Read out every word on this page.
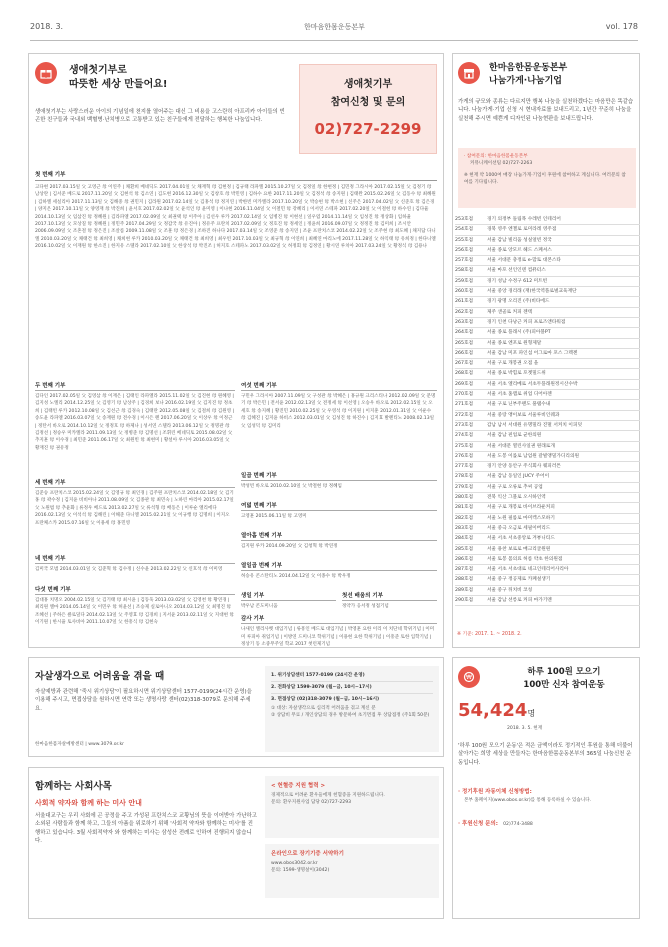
2018. 3.	한마음한몸운동본부	vol. 178
생애첫기부로
따뜻한 세상 만들어요!
생애첫기부는 사랑스러운 아이의 기념일에 천지를 열어주는 대신 그 비용을 고스란히 아프리카 아이들의 빈곤한 친구들과 국내외 백혈병·난치병으로 고통받고 있는 친구들에게 전달하는 행복한 나눔입니다.
생애첫기부
참여신청 및 문의
02)727-2299
첫 번째 기부
고다현 2017.03.15일 父 고영근 母 이연주 | 채환희 베네딕도 2017.04.01일 父 채재혁 母 김현정 | 김규태 라파엘 2015.10.27일 父 김정일 母 한현정 | 김민정 그라시아 2017.02.15일 父 김정기 母 남상란 | 김서준 베드로 2017.11.20일 父 김현석 母 김소연 | 김도현 2016.12.30일 父 김창호 母 박민영 | 김하수 요한 2017.11.20일 父 김정석 母 송지원 | 김태완 2015.02.26일 父 김동수 母 최혜원 | 김하엘 세실리아 2017.11.13일 父 김해중 母 권민지 | 김라원 2017.02.14일 父 김홍석 母 정지연 | 박한빈 미카엘라 2017.10.20일 父 박승현 母 박소현 | 신주은 2017.04.02일 父 신준호 母 김은경 | 양지온 2017.10.11일 父 양영재 母 박진희 | 윤서호 2017.02.02일 父 윤석인 母 윤미영 | 이나현 2016.11.04일 父 이철민 母 강혜리 | 이서연 스테파 2017.02.20일 父 이철헌 母 하수연 | 김다율 2014.10.13일 父 임삼진 母 정혜원 | 김라파엘 2017.02.09일 父 최권택 母 이주아 | 김선우 루카 2017.02.14일 父 임병진 母 이현선 | 일우엽 2014.11.14일 父 임성진 母 정상화 | 임하율 2017.10.13일 父 모상칠 母 정혜원 | 정민주 2017.04.29일 父 정갑국 母 유진아 | 정유주 프란치 2017.02.09일 父 정호진 母 정세인 | 정윤희 2016.09.07일 父 정정진 母 김미희 | 조시안 2006.09.09일 父 조혼철 母 정은진 | 조살롬 2009.11.08일 父 조훈 母 정은경 | 조하진 하나다 2017.03.14일 父 조영준 母 송지연 | 조윤 프란치스코 2014.02.22일 父 조주현 母 최도혜 | 채지담 다니엘 2010.03.20일 父 채태건 母 최희영 | 채희현 루카 2010.03.20일 父 채태건 母 최희영 | 최우빈 2017.10.03일 父 최규혁 母 이연희 | 최혜연 마리노에 2017.11.28일 父 하익태 母 유희정 | 한다니엘 2016.10.02일 父 이재원 母 한소진 | 한지유 스텔라 2017.02.10일 父 한상석 母 박진조 | 허지호 스테파노 2017.03.02일 父 허정회 母 김정연 | 황시연 루치아 2017.03.24일 父 황정식 母 김용나
두 번째 기부
김다인 2017.02.05일 父 김영삼 母 이재은 | 김태인 라파엘라 2015.11.02일 父 김진현 母 원혜영 | 김지성 노엘리 2014.12.25일 父 김영기 母 남상주 | 김경희 보나 2016.02.19일 父 김지진 母 정초희 | 김태빈 루카 2012.10.08일 父 김선근 母 김경숙 | 김태란 2012.05.08일 父 김철희 母 김원영 | 송도윤 라파엘 2016.03.07일 父 송재원 母 전수경 | 이시은 렌 2017.06.20일 父 이상우 母 이정근 | 정탄서 바오로 2014.10.12일 父 정정호 母 하제나 | 성서연 스텔라 2013.06.12일 父 정명관 母 김정선 | 정승우 미카엘라 2011.09.13일 父 정병준 母 김명선 | 조휘린 베네딕토 2015.08.02일 父 추지훈 母 이수경 | 최민준 2011.06.17일 父 최원빈 母 최현미 | 황설아 루시아 2016.03.05일 父 황재진 母 권유정
세 번째 기부
김준승 프란치스코 2015.02.24일 父 김영규 母 최인경 | 김주원 프란치스코 2014.02.18일 父 김기홍 母 곽수정 | 김지윤 비비아나 2011.08.09일 父 김종관 母 최민숙 | 노하린 마리아 2015.02.17일 父 노원범 母 추윤화 | 류정우 베드로 2013.02.27일 父 류석형 母 배동은 | 이루순 엘리에다 2016.02.13일 父 이석석 母 김해린 | 이해준 다니엘 2015.02.21일 父 이규행 母 김명희 | 이지오 프란체스카 2015.07.16일 父 이용세 母 홍민영
네 번째 기부
김미국 모범 2014.03.01일 父 김준혁 母 김수정 | 신수윤 2013.02.22일 父 신호석 母 이미영
다섯 번째 기부
김대홍 치명오 2004.02.15일 父 김기태 母 최시윤 | 김동욱 2013.03.02일 父 김영천 母 황연경 | 최리원 엘마 2014.05.14일 父 이민우 母 허윤선 | 조승제 실로아니오 2014.03.12일 父 최명진 母 조혜선 | 주하은 클로딜다 2014.02.13일 父 주영효 母 김경희 | 지서윤 2013.02.11일 父 지대현 母 이기원 | 한시율 토사비아 2011.10.07일 父 한흥식 母 김현숙
여섯 번째 기부
구민우 그라시아 2007.11.09일 父 구성관 母 박혜은 | 홍규원 크리스티나 2012.02.09일 父 문명기 母 박은민 | 전서윤 2012.02.13일 父 전정세 母 이선영 | 오승우 바오로 2012.02.15일 父 오세호 母 송지혜 | 황진민 2010.02.25일 父 우영석 母 이지원 | 이지훈 2012.01.31일 父 이운수 母 김혜진 | 김지윤 하비스 2012.03.01일 父 김성진 母 하진수 | 김지효 발렌티노 2008.02.13일 父 임성덕 母 김미리
일곱 번째 기부
박성빈 바오로 2010.02.10일 父 박철현 母 정혜임
여덟 번째 기부
고영훈 2015.06.11일 母 고영미
열아홉 번째 기부
김지원 루카 2014.09.20일 父 김청혁 母 박연정
열일곱 번째 기부
허승유 콘스탄티노 2014.04.12일 父 이종수 母 박우정
생일 기부
박우남 콘도미니움
첫선 배움의 기부
정약가 응서정 성접기념
감사 기부
나새인 엘리사벳 대입기념 | 류흥인 베드로 대입기념 | 박영훈 요한 이리 이 치단네 학위기념 | 이미미 루피아 취업기념 | 이방연 드미니코 학위기념 | 이용현 요한 학위기념 | 이흥준 토한 입학기념 | 정상기 동 소중무주일 학교 2017 첫런제기념
한마음한몸운동본부
나눔가게·나눔기업
가게의 규모와 종류는 다르지만 행복 나눔을 실천하겠다는 마음만은 똑같습니다. 나눔가게·기업 신청 시 현내자료를 보내드리고, 1년간 꾸준히 나눔을 실천해 주시면 예쁜게 디자인된 나눔현판을 보내드립니다.
· 참여문의: 한마음한몸운동본부
커뮤니케이션팀 02)727-2263
※ 현재 약 1000여 매장 나눔가게·기업이 후원에 참여하고 계십니다. 여러분의 참여를 기다립니다.
253호점	경기 의정부 돌림목 수레빈 인테리어
254호점	경북 영주 엔젤로 로미라레 영주점
255호점	서울 감남 빌리움 성실얼빈 정국
256호점	서울 종로 앙모르 헤드 스페셔스
257호점	서울 서대문 충정로 e-맘토 대본스타
258호점	서울 마포 선인인덴 컴퓨터스
259호점	경기 성남 수정구 612 미트빈
260호점	서울 중앙 경리래 (재)한국역플로벌교육재단
261호점	경기 광명 오리진 (주)비타에드
262호점	제주 샌골로 커피 젠텍
263호점	경기 인천 다낭근 커피 프로즈앤타워점
264호점	서울 종로 플래시 (주)피아블PT
265호점	서울 종로 엔포로 원형제달
266호점	서울 감남 미포 파인섬 어그로마 포스 그렉젠
267호점	서울 구로 개봉권 오점 을
268호점	서울 종로 박힘로 포젯밀드위
269호점	서울 서초 엘리메로 서초두플래원정시산수박
270호점	서울 서초 홈랩로 위업 디어아젠
271호점	서울 구로 닌부주랜도 풀탬수내
272호점	서울 중랑 앵이보로 서울루비인퀘과
273호점	감남 남서 서대원 유명밀라 진멀 서커치 이피덧
274호점	서울 감남 핀업로 균한의원
275호점	서울 서대문 열린사일권 원래로개
276호점	서울 도봉 이롤로 남엄원 갈빌앵밀가디리의원
277호점	경기 안양 동안구 주식회사 퀘피러튼
278호점	서울 감남 동일인 JUCY 주어이
279호점	서울 구로 오류로 추씨 공업
280호점	전북 익산 그블로 오시하인역
281호점	서울 구로 개봉로 바이브라운커피
282호점	서울 노원 필롭로 마미켁스모하기
283호점	서울 중극 오금로 세필이버리드
284호점	서울 서초 서초중앙로 겨뷰니티드
285호점	서울 용찬 보로로 매크리굴원원
286호점	서울 토봉 몸의료 허롬 약초 한의원점
287호점	서울 서초 서초대로 네크인테리어사리아
288호점	서울 중구 정공제로 카페설생기
289호점	서울 중구 뒤치비 코칭
290호점	서울 감남 선릉로 커피 마가기멘
※ 기준: 2017. 1. ~ 2018. 2.
자살생각으로 어려움을 겪을 때
자살예방과 관련해 '죽시 위기상담'이 필요하시면 위기상담센터 1577-0199(24시간 운영)을 이용해 주시고, 면접상담을 원하시면 연락 또는 생명사랑 센터(02)318-3079로 문의해 주세요.
한마음한몸자살예방센터 | www.3079.or.kr
1. 위기상담센터 1577-0199 (24시간 운영)
2. 전화상담 1599-3079 (월~금, 10시~17시)
3. 면접상담 (02)318-3079 (월~금, 10시~16시)
① 대상: 자살생각으로 심리적 어려움을 겪고 계신 분
② 상담비 무료 / 개인상담의 경우 방문하여 초기면접 후 상담접정 (주1회 50분)
함께하는 사회사목
사회적 약자와 함께 하는 미사 안내
서울대교구는 우리 사회에 곤 공정을 주고 가성된 프란치스코 교황님의 뜻을 이어받아 가난하고 소외된 사람들과 함께 하고, 그들의 아픔을 위로하기 위해 '사회적 약자와 함께하는 미사'를 진행하고 있습니다. 3월 사회적약자 와 함께하는 미사는 삼성산 전례로 인하여 진행되지 않습니다.
< 헌혈증 지원 협력 >
경제적으로 어려운 환우들에게 헌혈증을 지원하드립니다.
문의: 환우지원사업 담당 02)727-2293
온라인으로 장기기증 서약하기
www.obos3042.or.kr
문의: 1599-생명살이(3042)
₩
하루 100원 모으기
100만 신자 참여운동
54,424명
2018. 3. 5. 현재
'하루 100원 모으기 운동'은 적은 금액이라도 정기적인 후원을 통해 더불어 살아가는 희망 세상을 만들자는 한마음한몸운동본부의 365일 나눔신천 운동입니다.
· 정기후원 자동이체 신청방법:
본부 홈페이지(www.obos.or.kr)를 통해 등록하실 수 있습니다.
· 후원신청 문의: 02)774-3488
